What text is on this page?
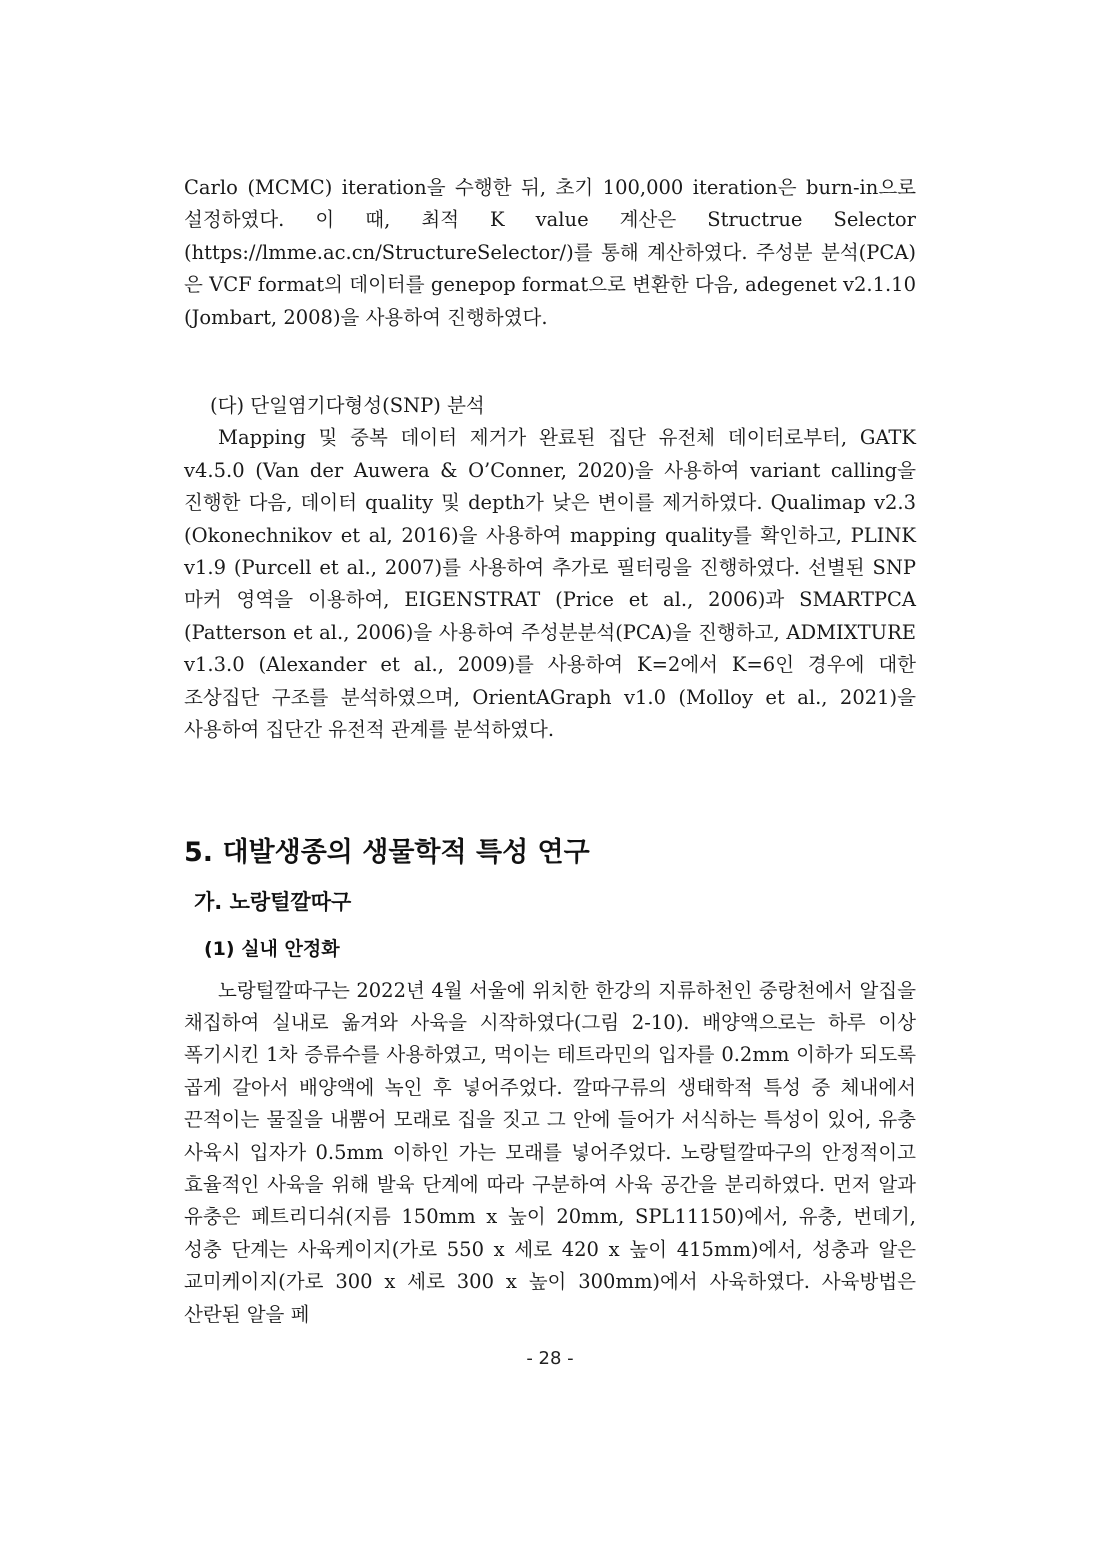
Carlo (MCMC) iteration을 수행한 뒤, 초기 100,000 iteration은 burn-in으로 설정하였다. 이 때, 최적 K value 계산은 Structrue Selector (https://lmme.ac.cn/StructureSelector/)를 통해 계산하였다. 주성분 분석(PCA)은 VCF format의 데이터를 genepop format으로 변환한 다음, adegenet v2.1.10 (Jombart, 2008)을 사용하여 진행하였다.

(다) 단일염기다형성(SNP) 분석

Mapping 및 중복 데이터 제거가 완료된 집단 유전체 데이터로부터, GATK v4.5.0 (Van der Auwera & O’Conner, 2020)을 사용하여 variant calling을 진행한 다음, 데이터 quality 및 depth가 낮은 변이를 제거하였다. Qualimap v2.3 (Okonechnikov et al, 2016)을 사용하여 mapping quality를 확인하고, PLINK v1.9 (Purcell et al., 2007)를 사용하여 추가로 필터링을 진행하였다. 선별된 SNP 마커 영역을 이용하여, EIGENSTRAT (Price et al., 2006)과 SMARTPCA (Patterson et al., 2006)을 사용하여 주성분분석(PCA)을 진행하고, ADMIXTURE v1.3.0 (Alexander et al., 2009)를 사용하여 K=2에서 K=6인 경우에 대한 조상집단 구조를 분석하였으며, OrientAGraph v1.0 (Molloy et al., 2021)을 사용하여 집단간 유전적 관계를 분석하였다.

5. 대발생종의 생물학적 특성 연구
가. 노랑털깔따구
(1) 실내 안정화

노랑털깔따구는 2022년 4월 서울에 위치한 한강의 지류하천인 중랑천에서 알집을 채집하여 실내로 옮겨와 사육을 시작하였다(그림 2-10). 배양액으로는 하루 이상 폭기시킨 1차 증류수를 사용하였고, 먹이는 테트라민의 입자를 0.2mm 이하가 되도록 곱게 갈아서 배양액에 녹인 후 넣어주었다. 깔따구류의 생태학적 특성 중 체내에서 끈적이는 물질을 내뿜어 모래로 집을 짓고 그 안에 들어가 서식하는 특성이 있어, 유충 사육시 입자가 0.5mm 이하인 가는 모래를 넣어주었다. 노랑털깔따구의 안정적이고 효율적인 사육을 위해 발육 단계에 따라 구분하여 사육 공간을 분리하였다. 먼저 알과 유충은 페트리디쉬(지름 150mm x 높이 20mm, SPL11150)에서, 유충, 번데기, 성충 단계는 사육케이지(가로 550 x 세로 420 x 높이 415mm)에서, 성충과 알은 교미케이지(가로 300 x 세로 300 x 높이 300mm)에서 사육하였다. 사육방법은 산란된 알을 페

- 28 -
